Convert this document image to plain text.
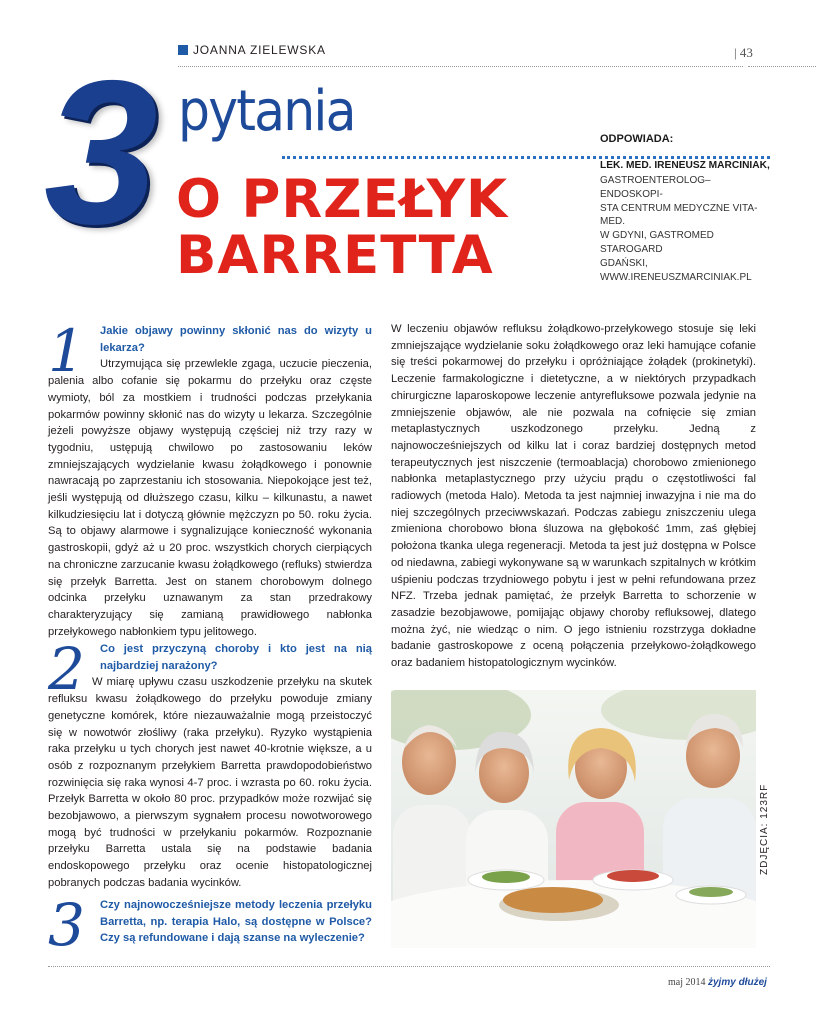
JOANNA ZIELEWSKA	| 43
3 pytania
O PRZEŁYK
BARRETTA
ODPOWIADA:
LEK. MED. IRENEUSZ MARCINIAK,
GASTROENTEROLOG–ENDOSKOPI-
STA CENTRUM MEDYCZNE VITA-MED.
W GDYNI, GASTROMED STAROGARD
GDAŃSKI,
WWW.IRENEUSZMARCINIAK.PL
1	Jakie objawy powinny skłonić nas do wizyty u lekarza?
Utrzymująca się przewlekle zgaga, uczucie pieczenia, palenia albo cofanie się pokarmu do przełyku oraz częste wymioty, ból za mostkiem i trudności podczas przełykania pokarmów powinny skłonić nas do wizyty u lekarza. Szczególnie jeżeli powyższe objawy występują częściej niż trzy razy w tygodniu, ustępują chwilowo po zastosowaniu leków zmniejszających wydzielanie kwasu żołądkowego i ponownie nawracają po zaprzestaniu ich stosowania. Niepokojące jest też, jeśli występują od dłuższego czasu, kilku – kilkunastu, a nawet kilkudziesięciu lat i dotyczą głównie mężczyzn po 50. roku życia. Są to objawy alarmowe i sygnalizujące konieczność wykonania gastroskopii, gdyż aż u 20 proc. wszystkich chorych cierpiących na chroniczne zarzucanie kwasu żołądkowego (refluks) stwierdza się przełyk Barretta. Jest on stanem chorobowym dolnego odcinka przełyku uznawanym za stan przedrakowy charakteryzujący się zamianą prawidłowego nabłonka przełykowego nabłonkiem typu jelitowego.
2	Co jest przyczyną choroby i kto jest na nią najbardziej narażony?
W miarę upływu czasu uszkodzenie przełyku na skutek refluksu kwasu żołądkowego do przełyku powoduje zmiany genetyczne komórek, które niezauważalnie mogą przeistoczyć się w nowotwór złośliwy (raka przełyku). Ryzyko wystąpienia raka przełyku u tych chorych jest nawet 40-krotnie większe, a u osób z rozpoznanym przełykiem Barretta prawdopodobieństwo rozwinięcia się raka wynosi 4-7 proc. i wzrasta po 60. roku życia. Przełyk Barretta w około 80 proc. przypadków może rozwijać się bezobjawowo, a pierwszym sygnałem procesu nowotworowego mogą być trudności w przełykaniu pokarmów. Rozpoznanie przełyku Barretta ustala się na podstawie badania endoskopowego przełyku oraz ocenie histopatologicznej pobranych podczas badania wycinków.
3	Czy najnowocześniejsze metody leczenia przełyku Barretta, np. terapia Halo, są dostępne w Polsce? Czy są refundowane i dają szanse na wyleczenie?
W leczeniu objawów refluksu żołądkowo-przełykowego stosuje się leki zmniejszające wydzielanie soku żołądkowego oraz leki hamujące cofanie się treści pokarmowej do przełyku i opróżniające żołądek (prokinetyki). Leczenie farmakologiczne i dietetyczne, a w niektórych przypadkach chirurgiczne laparoskopowe leczenie antyrefluksowe pozwala jedynie na zmniejszenie objawów, ale nie pozwala na cofnięcie się zmian metaplastycznych uszkodzonego przełyku. Jedną z najnowocześniejszych od kilku lat i coraz bardziej dostępnych metod terapeutycznych jest niszczenie (termoablacja) chorobowo zmienionego nabłonka metaplastycznego przy użyciu prądu o częstotliwości fal radiowych (metoda Halo). Metoda ta jest najmniej inwazyjna i nie ma do niej szczególnych przeciwwskazań. Podczas zabiegu zniszczeniu ulega zmieniona chorobowo błona śluzowa na głębokość 1mm, zaś głębiej położona tkanka ulega regeneracji. Metoda ta jest już dostępna w Polsce od niedawna, zabiegi wykonywane są w warunkach szpitalnych w krótkim uśpieniu podczas trzydniowego pobytu i jest w pełni refundowana przez NFZ. Trzeba jednak pamiętać, że przełyk Barretta to schorzenie w zasadzie bezobjawowe, pomijając objawy choroby refluksowej, dlatego można żyć, nie wiedząc o nim. O jego istnieniu rozstrzyga dokładne badanie gastroskopowe z oceną połączenia przełykowo-żołądkowego oraz badaniem histopatologicznym wycinków.
ZDJĘCIA: 123RF
maj 2014 żyjmy dłużej
